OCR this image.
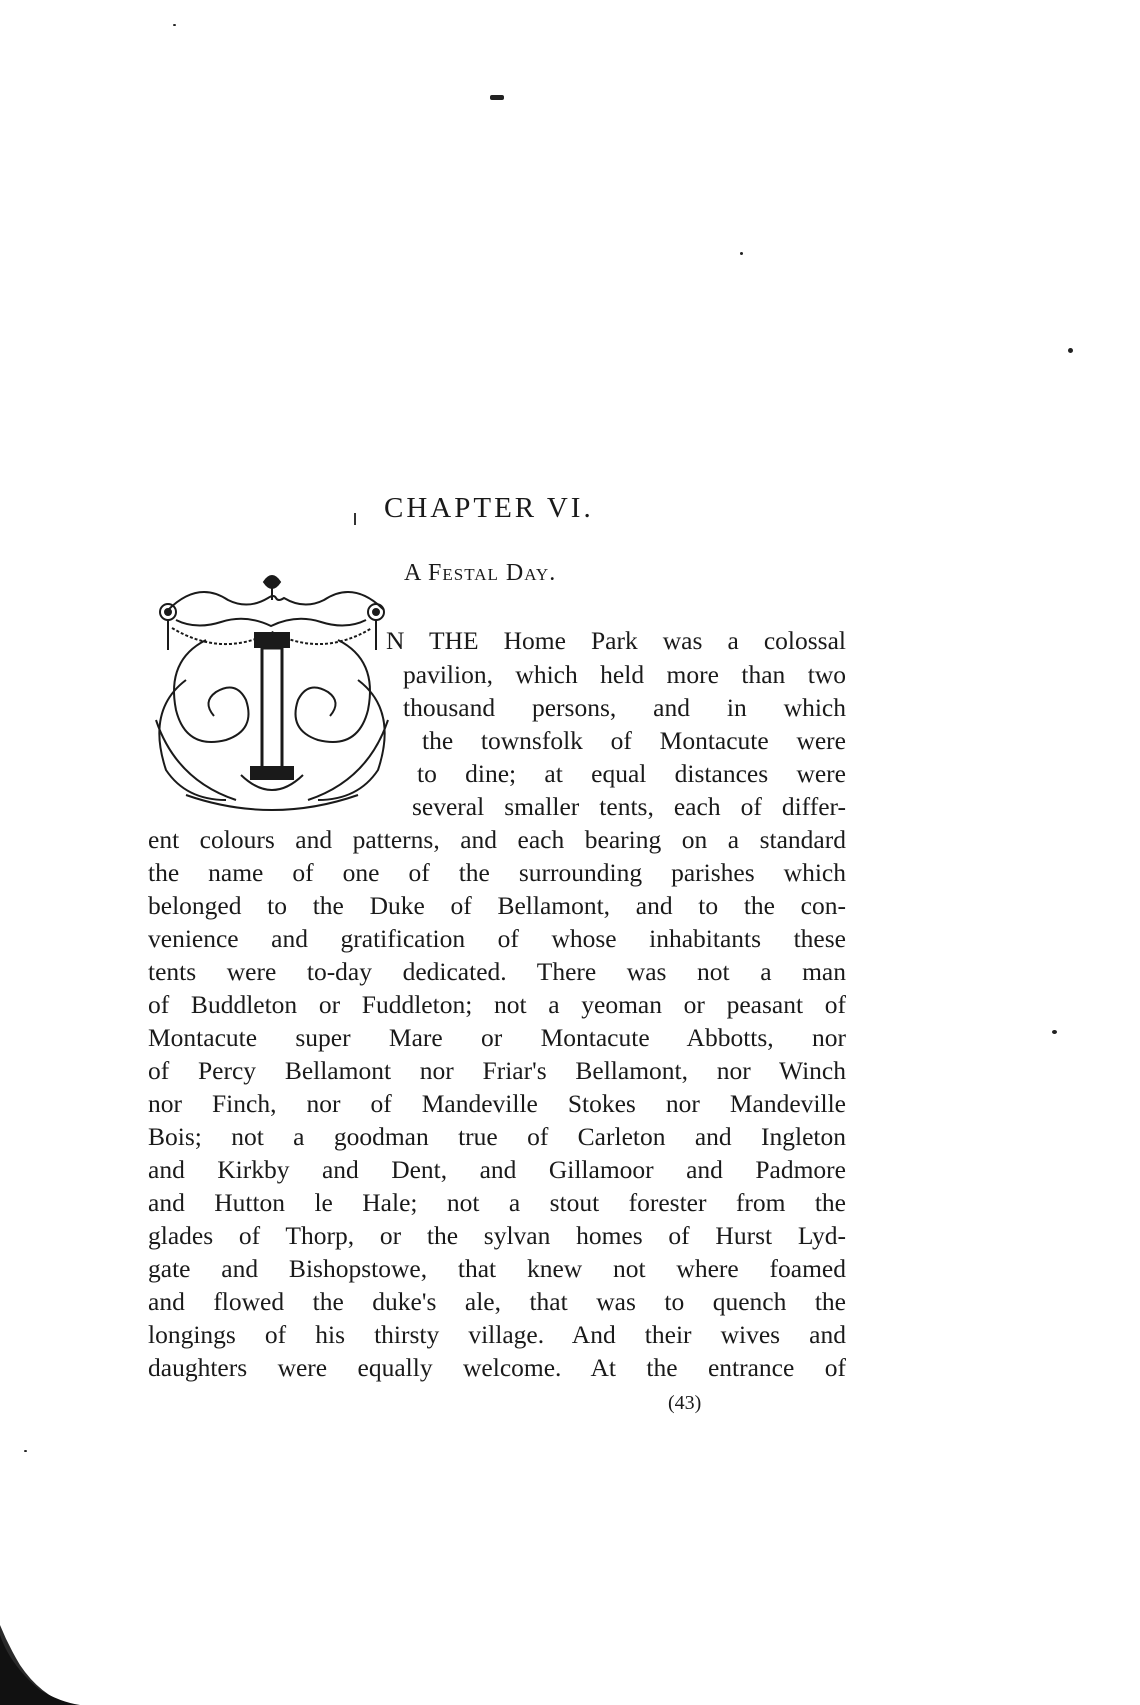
CHAPTER VI.
A Festal Day.
N THE Home Park was a colossal
pavilion, which held more than two
thousand persons, and in which
the townsfolk of Montacute were
to dine; at equal distances were
several smaller tents, each of differ-
ent colours and patterns, and each bearing on a standard
the name of one of the surrounding parishes which
belonged to the Duke of Bellamont, and to the con-
venience and gratification of whose inhabitants these
tents were to-day dedicated. There was not a man
of Buddleton or Fuddleton; not a yeoman or peasant of
Montacute super Mare or Montacute Abbotts, nor
of Percy Bellamont nor Friar's Bellamont, nor Winch
nor Finch, nor of Mandeville Stokes nor Mandeville
Bois; not a goodman true of Carleton and Ingleton
and Kirkby and Dent, and Gillamoor and Padmore
and Hutton le Hale; not a stout forester from the
glades of Thorp, or the sylvan homes of Hurst Lyd-
gate and Bishopstowe, that knew not where foamed
and flowed the duke's ale, that was to quench the
longings of his thirsty village. And their wives and
daughters were equally welcome. At the entrance of
(43)
